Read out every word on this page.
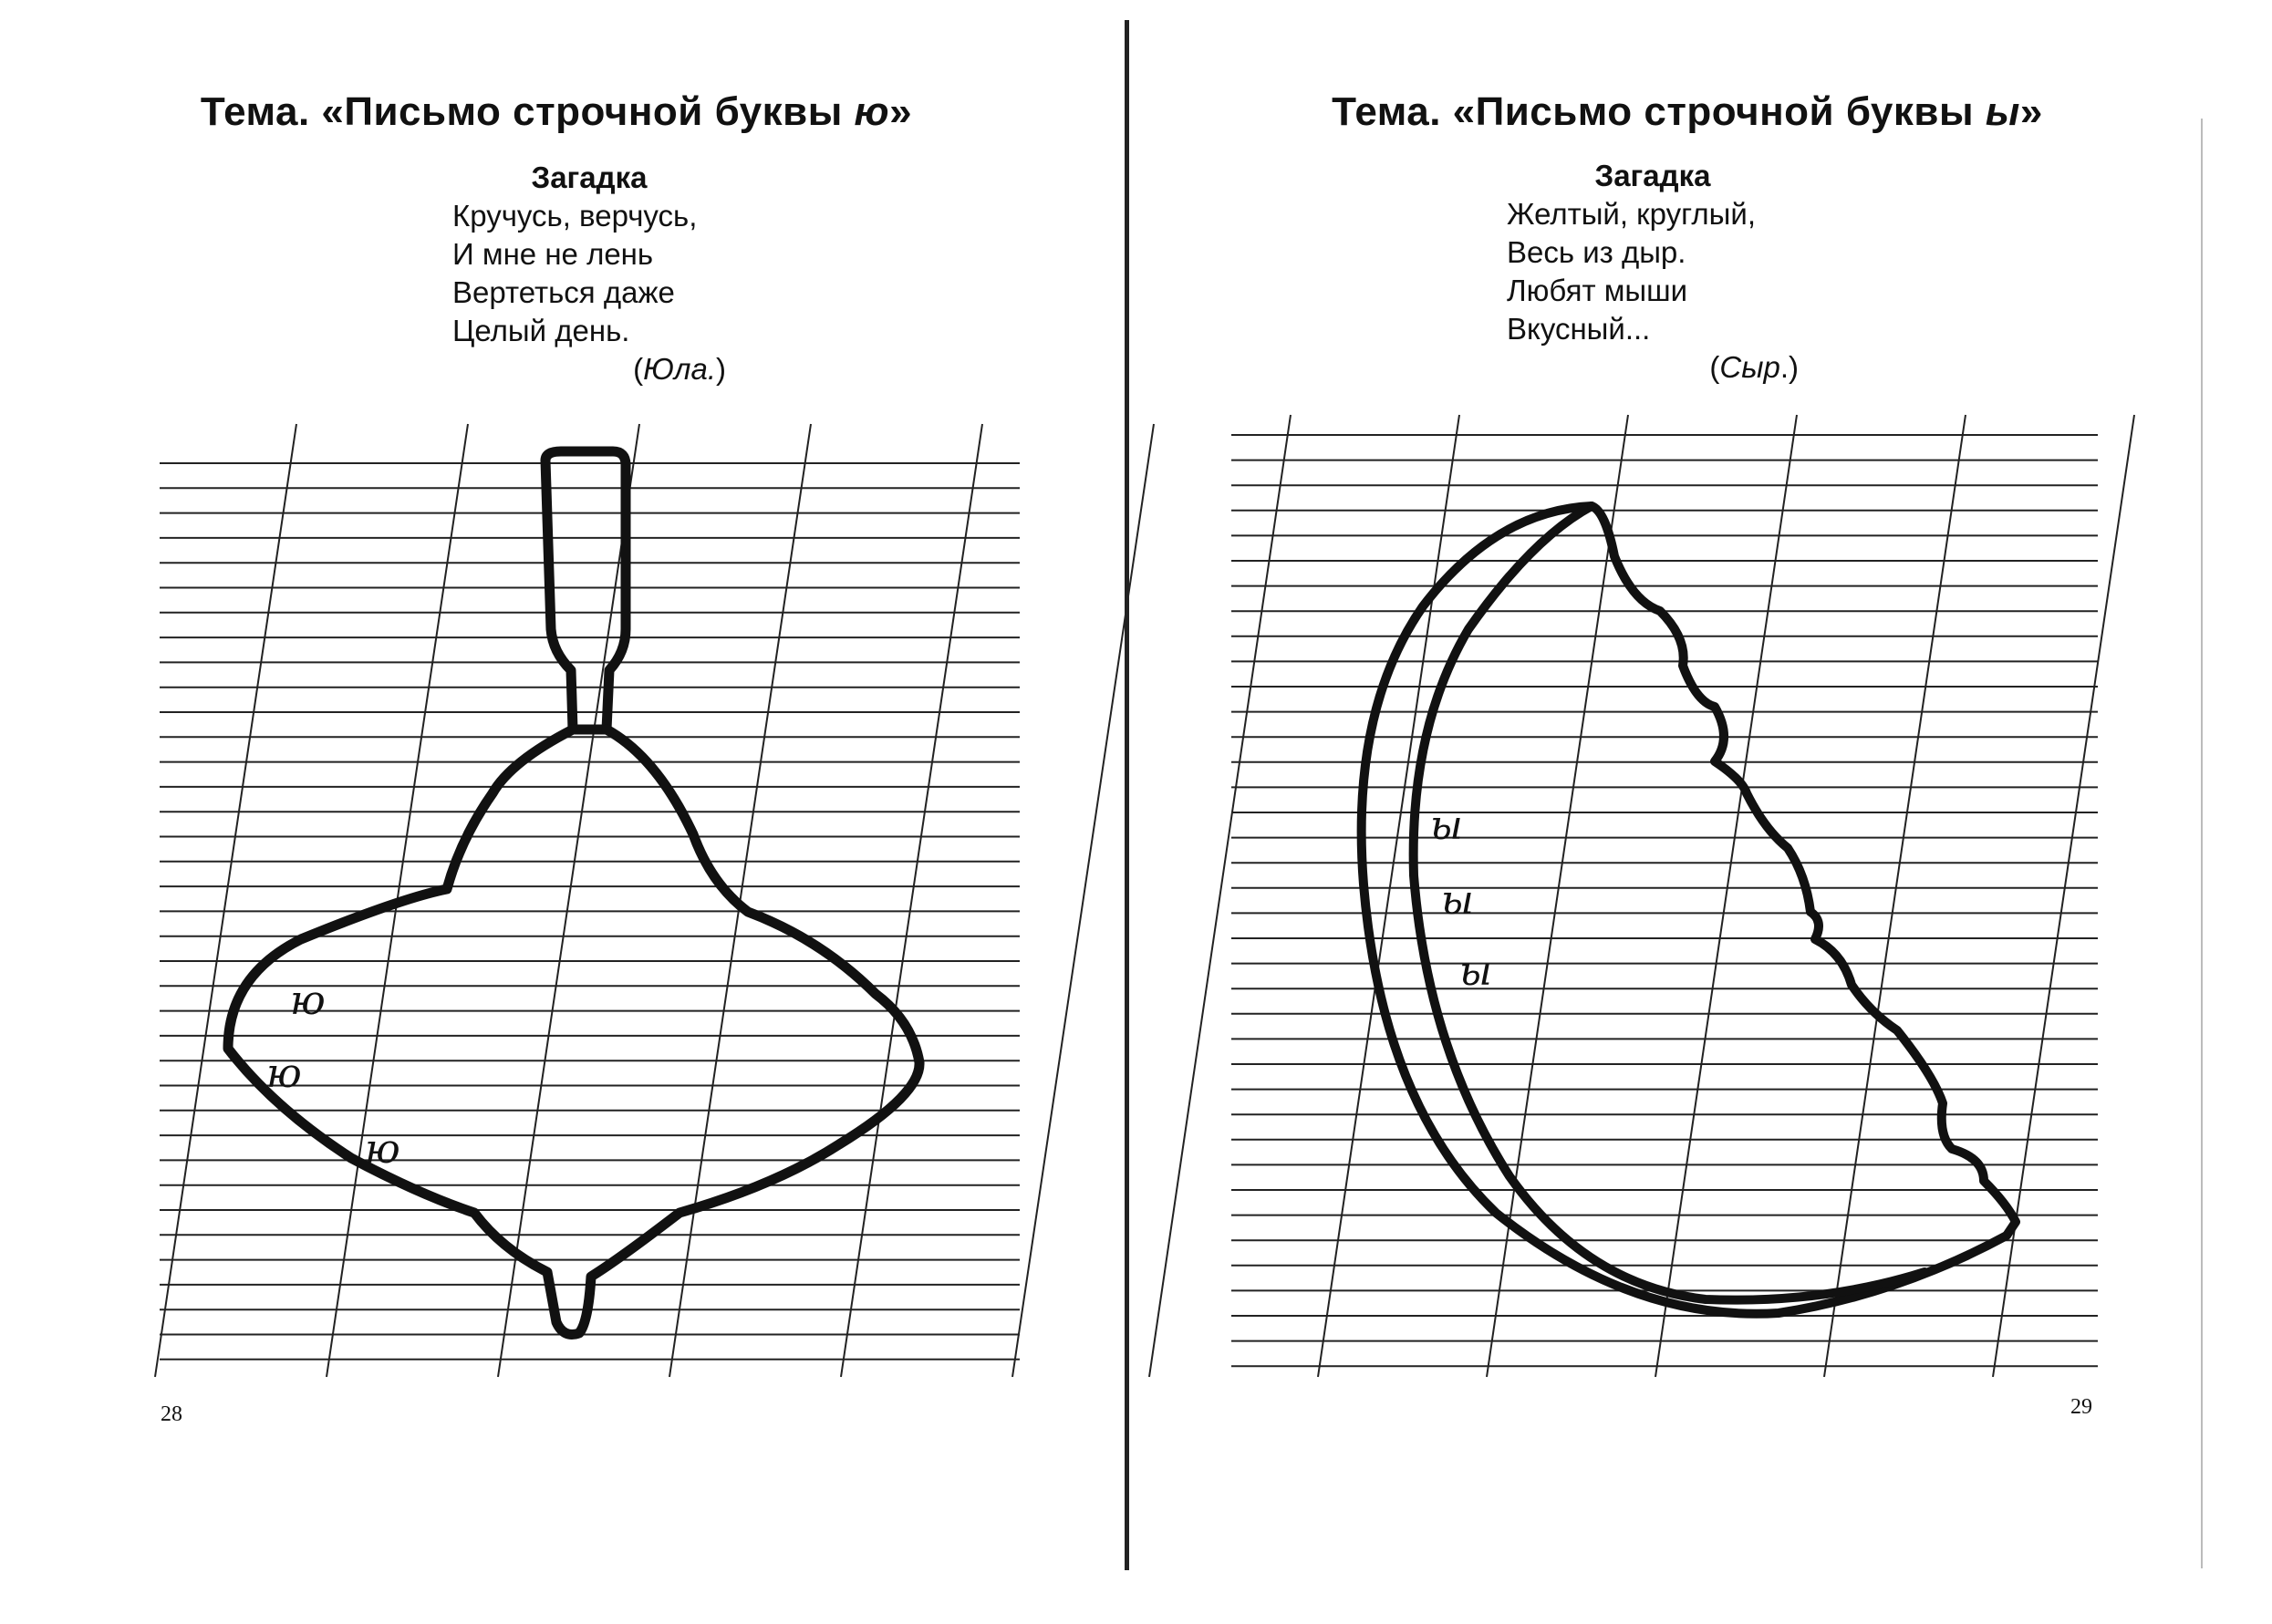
Тема. «Письмо строчной буквы ю»
Загадка
Кручусь, верчусь,
И мне не лень
Вертеться даже
Целый день.
(Юла.)
28
Тема. «Письмо строчной буквы ы»
Загадка
Желтый, круглый,
Весь из дыр.
Любят мыши
Вкусный...
(Сыр.)
29
ю
ю
ю
ы
ы
ы
